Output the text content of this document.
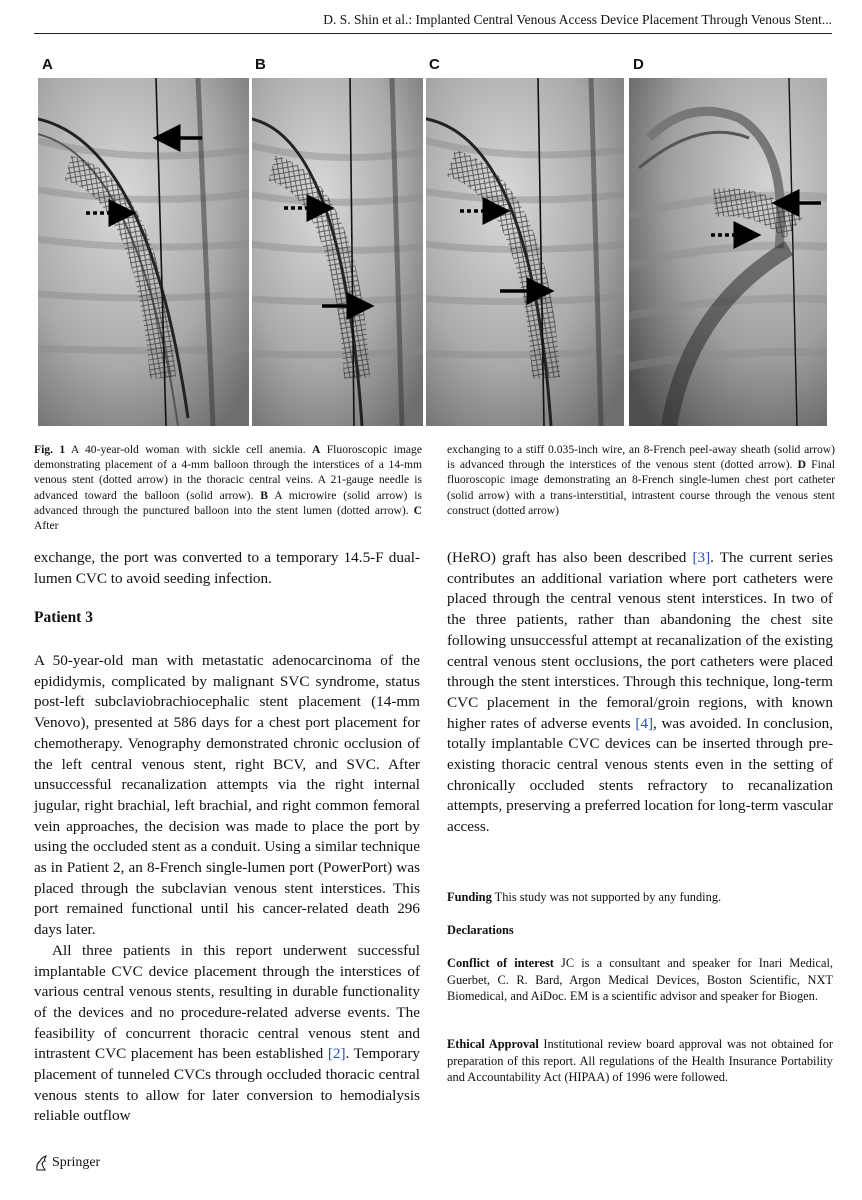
D. S. Shin et al.: Implanted Central Venous Access Device Placement Through Venous Stent...
A	B	C	D
Fig. 1 A 40-year-old woman with sickle cell anemia. A Fluoroscopic image demonstrating placement of a 4-mm balloon through the interstices of a 14-mm venous stent (dotted arrow) in the thoracic central veins. A 21-gauge needle is advanced toward the balloon (solid arrow). B A microwire (solid arrow) is advanced through the punctured balloon into the stent lumen (dotted arrow). C After
exchanging to a stiff 0.035-inch wire, an 8-French peel-away sheath (solid arrow) is advanced through the interstices of the venous stent (dotted arrow). D Final fluoroscopic image demonstrating an 8-French single-lumen chest port catheter (solid arrow) with a trans-interstitial, intrastent course through the venous stent construct (dotted arrow)

exchange, the port was converted to a temporary 14.5-F dual-lumen CVC to avoid seeding infection.

Patient 3

A 50-year-old man with metastatic adenocarcinoma of the epididymis, complicated by malignant SVC syndrome, status post-left subclaviobrachiocephalic stent placement (14-mm Venovo), presented at 586 days for a chest port placement for chemotherapy. Venography demonstrated chronic occlusion of the left central venous stent, right BCV, and SVC. After unsuccessful recanalization attempts via the right internal jugular, right brachial, left brachial, and right common femoral vein approaches, the decision was made to place the port by using the occluded stent as a conduit. Using a similar technique as in Patient 2, an 8-French single-lumen port (PowerPort) was placed through the subclavian venous stent interstices. This port remained functional until his cancer-related death 296 days later.

All three patients in this report underwent successful implantable CVC device placement through the interstices of various central venous stents, resulting in durable functionality of the devices and no procedure-related adverse events. The feasibility of concurrent thoracic central venous stent and intrastent CVC placement has been established [2]. Temporary placement of tunneled CVCs through occluded thoracic central venous stents to allow for later conversion to hemodialysis reliable outflow

(HeRO) graft has also been described [3]. The current series contributes an additional variation where port catheters were placed through the central venous stent interstices. In two of the three patients, rather than abandoning the chest site following unsuccessful attempt at recanalization of the existing central venous stent occlusions, the port catheters were placed through the stent interstices. Through this technique, long-term CVC placement in the femoral/groin regions, with known higher rates of adverse events [4], was avoided. In conclusion, totally implantable CVC devices can be inserted through pre-existing thoracic central venous stents even in the setting of chronically occluded stents refractory to recanalization attempts, preserving a preferred location for long-term vascular access.

Funding This study was not supported by any funding.
Declarations
Conflict of interest JC is a consultant and speaker for Inari Medical, Guerbet, C. R. Bard, Argon Medical Devices, Boston Scientific, NXT Biomedical, and AiDoc. EM is a scientific advisor and speaker for Biogen.
Ethical Approval Institutional review board approval was not obtained for preparation of this report. All regulations of the Health Insurance Portability and Accountability Act (HIPAA) of 1996 were followed.
Springer
